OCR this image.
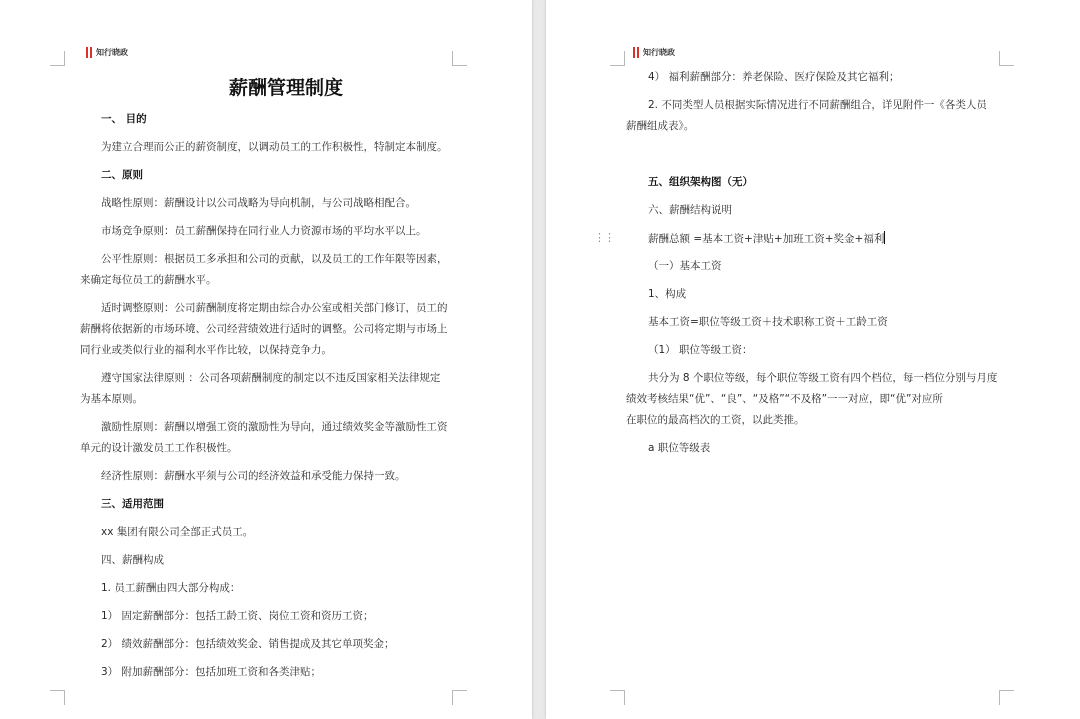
知行晓政
薪酬管理制度

一、 目的

为建立合理而公正的薪资制度，以调动员工的工作积极性，特制定本制度。

二、原则

战略性原则：薪酬设计以公司战略为导向机制，与公司战略相配合。

市场竞争原则：员工薪酬保持在同行业人力资源市场的平均水平以上。

公平性原则：根据员工多承担和公司的贡献，以及员工的工作年限等因素，

来确定每位员工的薪酬水平。

适时调整原则：公司薪酬制度将定期由综合办公室或相关部门修订，员工的

薪酬将依据新的市场环境、公司经营绩效进行适时的调整。公司将定期与市场上

同行业或类似行业的福利水平作比较，以保持竞争力。

遵守国家法律原则 ：公司各项薪酬制度的制定以不违反国家相关法律规定

为基本原则。

激励性原则：薪酬以增强工资的激励性为导向，通过绩效奖金等激励性工资

单元的设计激发员工工作积极性。

经济性原则：薪酬水平须与公司的经济效益和承受能力保持一致。

三、适用范围

xx 集团有限公司全部正式员工。

四、薪酬构成

1. 员工薪酬由四大部分构成：

1） 固定薪酬部分：包括工龄工资、岗位工资和资历工资；

2） 绩效薪酬部分：包括绩效奖金、销售提成及其它单项奖金；

3） 附加薪酬部分：包括加班工资和各类津贴；

知行晓政
⋮⋮

4） 福利薪酬部分：养老保险、医疗保险及其它福利；

2. 不同类型人员根据实际情况进行不同薪酬组合，详见附件一《各类人员

薪酬组成表》。

五、组织架构图（无）

六、薪酬结构说明

薪酬总额 =基本工资+津贴+加班工资+奖金+福利

（一）基本工资

1、构成

基本工资=职位等级工资＋技术职称工资＋工龄工资

（1） 职位等级工资：

共分为 8 个职位等级，每个职位等级工资有四个档位，每一档位分别与月度

绩效考核结果“优”、“良”、“及格”“不及格”一一对应，即“优”对应所

在职位的最高档次的工资，以此类推。

a 职位等级表
